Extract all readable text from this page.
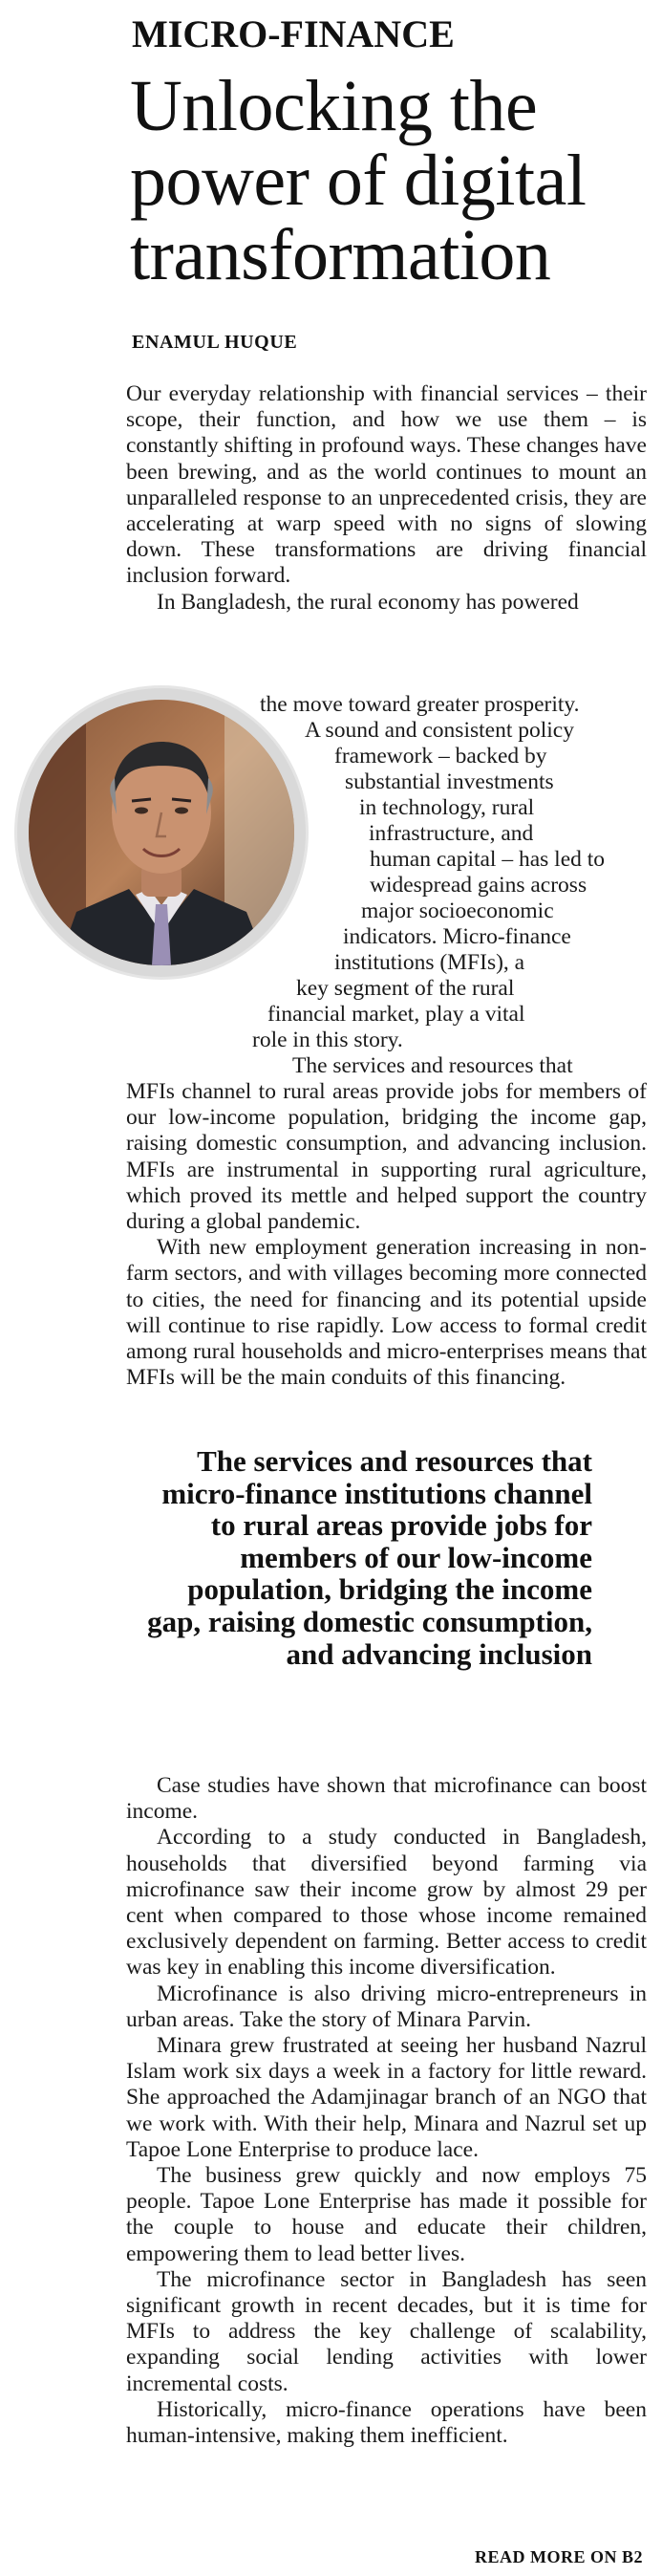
MICRO-FINANCE
Unlocking the power of digital transformation

ENAMUL HUQUE

Our everyday relationship with financial services – their scope, their function, and how we use them – is constantly shifting in profound ways. These changes have been brewing, and as the world continues to mount an unparalleled response to an unprecedented crisis, they are accelerating at warp speed with no signs of slowing down. These transformations are driving financial inclusion forward.

In Bangladesh, the rural economy has powered

the move toward greater prosperity.
A sound and consistent policy
framework – backed by
substantial investments
in technology, rural
infrastructure, and
human capital – has led to
widespread gains across
major socioeconomic
indicators. Micro-finance
institutions (MFIs), a
key segment of the rural
financial market, play a vital
role in this story.
The services and resources that

MFIs channel to rural areas provide jobs for members of our low-income population, bridging the income gap, raising domestic consumption, and advancing inclusion. MFIs are instrumental in supporting rural agriculture, which proved its mettle and helped support the country during a global pandemic.

With new employment generation increasing in non-farm sectors, and with villages becoming more connected to cities, the need for financing and its potential upside will continue to rise rapidly. Low access to formal credit among rural households and micro-enterprises means that MFIs will be the main conduits of this financing.

The services and resources that micro-finance institutions channel to rural areas provide jobs for members of our low-income population, bridging the income gap, raising domestic consumption, and advancing inclusion

Case studies have shown that microfinance can boost income.

According to a study conducted in Bangladesh, households that diversified beyond farming via microfinance saw their income grow by almost 29 per cent when compared to those whose income remained exclusively dependent on farming. Better access to credit was key in enabling this income diversification.

Microfinance is also driving micro-entrepreneurs in urban areas. Take the story of Minara Parvin.

Minara grew frustrated at seeing her husband Nazrul Islam work six days a week in a factory for little reward. She approached the Adamjinagar branch of an NGO that we work with. With their help, Minara and Nazrul set up Tapoe Lone Enterprise to produce lace.

The business grew quickly and now employs 75 people. Tapoe Lone Enterprise has made it possible for the couple to house and educate their children, empowering them to lead better lives.

The microfinance sector in Bangladesh has seen significant growth in recent decades, but it is time for MFIs to address the key challenge of scalability, expanding social lending activities with lower incremental costs.

Historically, micro-finance operations have been human-intensive, making them inefficient.

READ MORE ON B2
